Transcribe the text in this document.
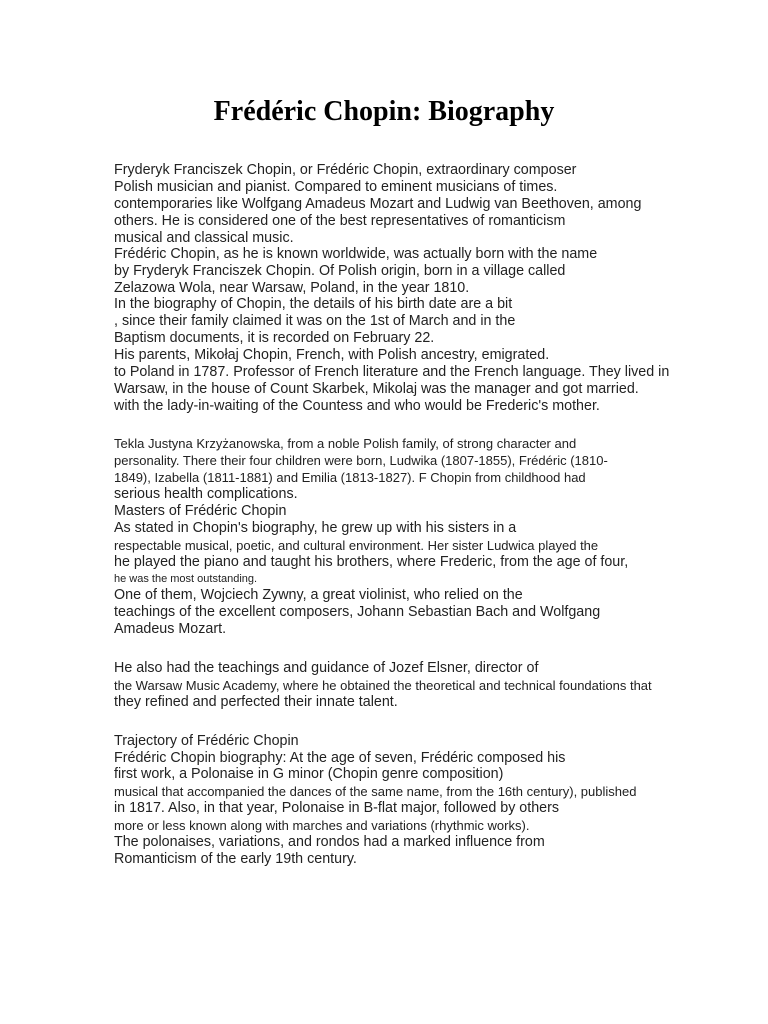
Frédéric Chopin: Biography
Fryderyk Franciszek Chopin, or Frédéric Chopin, extraordinary composer
Polish musician and pianist. Compared to eminent musicians of times.
contemporaries like Wolfgang Amadeus Mozart and Ludwig van Beethoven, among
others. He is considered one of the best representatives of romanticism
musical and classical music.
Frédéric Chopin, as he is known worldwide, was actually born with the name
by Fryderyk Franciszek Chopin. Of Polish origin, born in a village called
Zelazowa Wola, near Warsaw, Poland, in the year 1810.
In the biography of Chopin, the details of his birth date are a bit
, since their family claimed it was on the 1st of March and in the
Baptism documents, it is recorded on February 22.
His parents, Mikołaj Chopin, French, with Polish ancestry, emigrated.
to Poland in 1787. Professor of French literature and the French language. They lived in
Warsaw, in the house of Count Skarbek, Mikolaj was the manager and got married.
with the lady-in-waiting of the Countess and who would be Frederic's mother.
Tekla Justyna Krzyżanowska, from a noble Polish family, of strong character and
personality. There their four children were born, Ludwika (1807-1855), Frédéric (1810-
1849), Izabella (1811-1881) and Emilia (1813-1827). F Chopin from childhood had
serious health complications.
Masters of Frédéric Chopin
As stated in Chopin's biography, he grew up with his sisters in a
respectable musical, poetic, and cultural environment. Her sister Ludwica played the
he played the piano and taught his brothers, where Frederic, from the age of four,
he was the most outstanding.
One of them, Wojciech Zywny, a great violinist, who relied on the
teachings of the excellent composers, Johann Sebastian Bach and Wolfgang
Amadeus Mozart.
He also had the teachings and guidance of Jozef Elsner, director of
the Warsaw Music Academy, where he obtained the theoretical and technical foundations that
they refined and perfected their innate talent.
Trajectory of Frédéric Chopin
Frédéric Chopin biography: At the age of seven, Frédéric composed his
first work, a Polonaise in G minor (Chopin genre composition)
musical that accompanied the dances of the same name, from the 16th century), published
in 1817. Also, in that year, Polonaise in B-flat major, followed by others
more or less known along with marches and variations (rhythmic works).
The polonaises, variations, and rondos had a marked influence from
Romanticism of the early 19th century.
